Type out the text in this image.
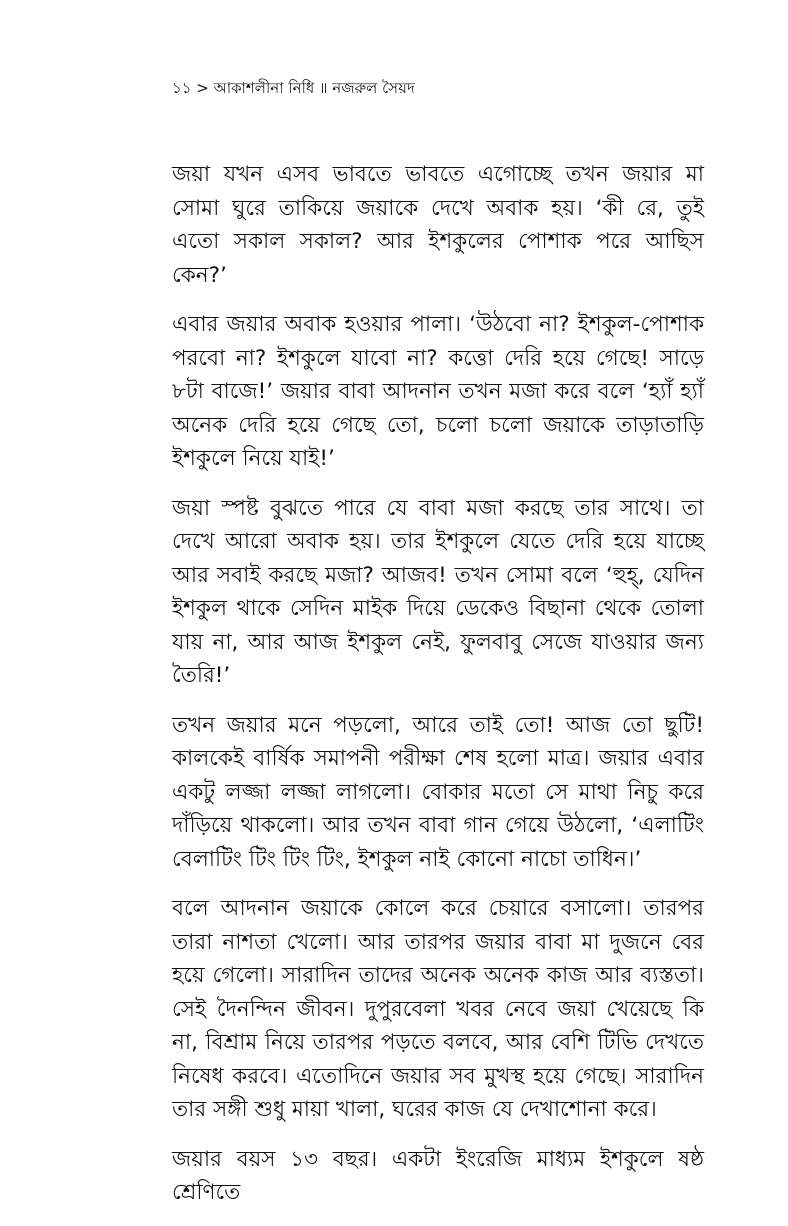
১১ > আকাশলীনা নিধি ॥ নজরুল সৈয়দ

জয়া যখন এসব ভাবতে ভাবতে এগোচ্ছে তখন জয়ার মা সোমা ঘুরে তাকিয়ে জয়াকে দেখে অবাক হয়। ‘কী রে, তুই এতো সকাল সকাল? আর ইশকুলের পোশাক পরে আছিস কেন?’

এবার জয়ার অবাক হওয়ার পালা। ‘উঠবো না? ইশকুল-পোশাক পরবো না? ইশকুলে যাবো না? কত্তো দেরি হয়ে গেছে! সাড়ে ৮টা বাজে!’ জয়ার বাবা আদনান তখন মজা করে বলে ‘হ্যাঁ হ্যাঁ অনেক দেরি হয়ে গেছে তো, চলো চলো জয়াকে তাড়াতাড়ি ইশকুলে নিয়ে যাই!’

জয়া স্পষ্ট বুঝতে পারে যে বাবা মজা করছে তার সাথে। তা দেখে আরো অবাক হয়। তার ইশকুলে যেতে দেরি হয়ে যাচ্ছে আর সবাই করছে মজা? আজব! তখন সোমা বলে ‘হুহ্‌, যেদিন ইশকুল থাকে সেদিন মাইক দিয়ে ডেকেও বিছানা থেকে তোলা যায় না, আর আজ ইশকুল নেই, ফুলবাবু সেজে যাওয়ার জন্য তৈরি!’

তখন জয়ার মনে পড়লো, আরে তাই তো! আজ তো ছুটি! কালকেই বার্ষিক সমাপনী পরীক্ষা শেষ হলো মাত্র। জয়ার এবার একটু লজ্জা লজ্জা লাগলো। বোকার মতো সে মাথা নিচু করে দাঁড়িয়ে থাকলো। আর তখন বাবা গান গেয়ে উঠলো, ‘এলাটিং বেলাটিং টিং টিং টিং, ইশকুল নাই কোনো নাচো তাধিন।’

বলে আদনান জয়াকে কোলে করে চেয়ারে বসালো। তারপর তারা নাশতা খেলো। আর তারপর জয়ার বাবা মা দুজনে বের হয়ে গেলো। সারাদিন তাদের অনেক অনেক কাজ আর ব্যস্ততা। সেই দৈনন্দিন জীবন। দুপুরবেলা খবর নেবে জয়া খেয়েছে কি না, বিশ্রাম নিয়ে তারপর পড়তে বলবে, আর বেশি টিভি দেখতে নিষেধ করবে। এতোদিনে জয়ার সব মুখস্থ হয়ে গেছে। সারাদিন তার সঙ্গী শুধু মায়া খালা, ঘরের কাজ যে দেখাশোনা করে।

জয়ার বয়স ১৩ বছর। একটা ইংরেজি মাধ্যম ইশকুলে ষষ্ঠ শ্রেণিতে
